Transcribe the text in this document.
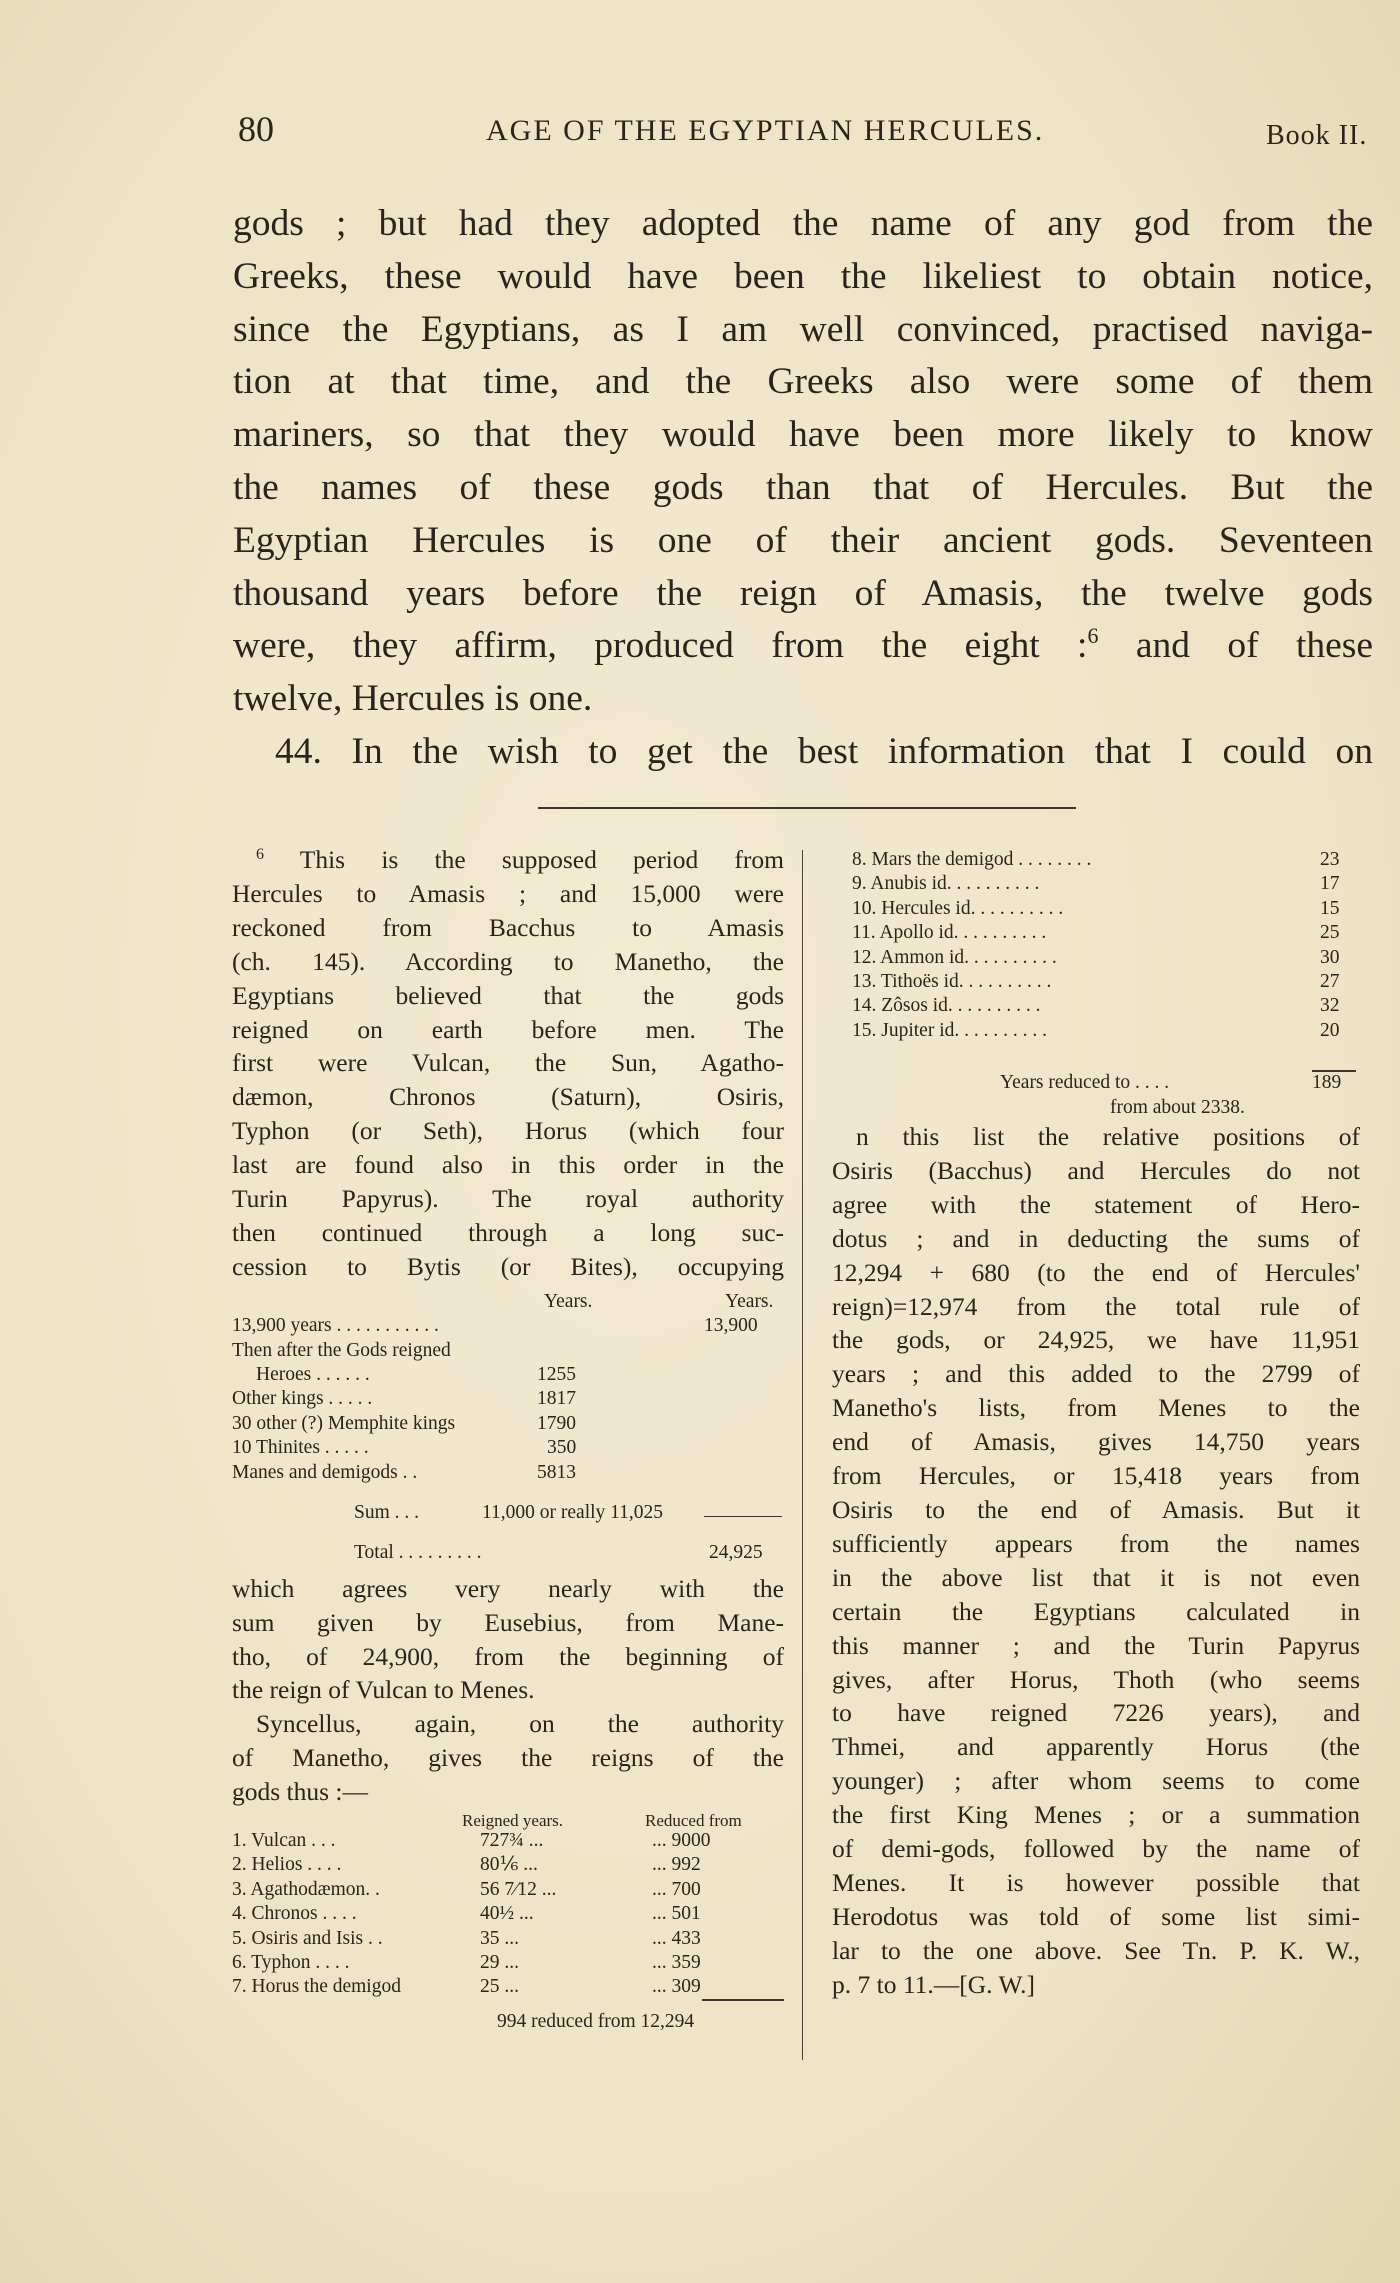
80	AGE OF THE EGYPTIAN HERCULES.	Book II.
gods ; but had they adopted the name of any god from the
Greeks, these would have been the likeliest to obtain notice,
since the Egyptians, as I am well convinced, practised naviga-
tion at that time, and the Greeks also were some of them
mariners, so that they would have been more likely to know
the names of these gods than that of Hercules. But the
Egyptian Hercules is one of their ancient gods. Seventeen
thousand years before the reign of Amasis, the twelve gods
were, they affirm, produced from the eight :$^6$ and of these
twelve, Hercules is one.
44. In the wish to get the best information that I could on
$^6$ This is the supposed period from
Hercules to Amasis ; and 15,000 were
reckoned from Bacchus to Amasis
(ch. 145). According to Manetho, the
Egyptians believed that the gods
reigned on earth before men. The
first were Vulcan, the Sun, Agatho-
dæmon, Chronos (Saturn), Osiris,
Typhon (or Seth), Horus (which four
last are found also in this order in the
Turin Papyrus). The royal authority
then continued through a long suc-
cession to Bytis (or Bites), occupying
Years.	Years.
13,900 years . . . . . . . . . . .	13,900
Then after the Gods reigned
Heroes . . . . . .	1255
Other kings . . . . .	1817
30 other (?) Memphite kings	1790
10 Thinites . . . . .	350
Manes and demigods . .	5813
Sum . . .	11,000 or really 11,025
Total . . . . . . . . .	24,925
which agrees very nearly with the
sum given by Eusebius, from Mane-
tho, of 24,900, from the beginning of
the reign of Vulcan to Menes.
Syncellus, again, on the authority
of Manetho, gives the reigns of the
gods thus :—
Reigned years.	Reduced from
1. Vulcan . . .	727¾ ...	... 9000
2. Helios . . . .	80⅙ ...	... 992
3. Agathodæmon. .	56 7⁄12 ...	... 700
4. Chronos . . . .	40½ ...	... 501
5. Osiris and Isis . .	35 ...	... 433
6. Typhon . . . .	29 ...	... 359
7. Horus the demigod	25 ...	... 309
994 reduced from 12,294
8. Mars the demigod . . . . . . . .	23
9. Anubis id. . . . . . . . . .	17
10. Hercules id. . . . . . . . . .	15
11. Apollo id. . . . . . . . . .	25
12. Ammon id. . . . . . . . . .	30
13. Tithoës id. . . . . . . . . .	27
14. Zôsos id. . . . . . . . . .	32
15. Jupiter id. . . . . . . . . .	20
Years reduced to . . . .	189
from about 2338.
n this list the relative positions of
Osiris (Bacchus) and Hercules do not
agree with the statement of Hero-
dotus ; and in deducting the sums of
12,294 + 680 (to the end of Hercules'
reign)=12,974 from the total rule of
the gods, or 24,925, we have 11,951
years ; and this added to the 2799 of
Manetho's lists, from Menes to the
end of Amasis, gives 14,750 years
from Hercules, or 15,418 years from
Osiris to the end of Amasis. But it
sufficiently appears from the names
in the above list that it is not even
certain the Egyptians calculated in
this manner ; and the Turin Papyrus
gives, after Horus, Thoth (who seems
to have reigned 7226 years), and
Thmei, and apparently Horus (the
younger) ; after whom seems to come
the first King Menes ; or a summation
of demi-gods, followed by the name of
Menes. It is however possible that
Herodotus was told of some list simi-
lar to the one above. See Tn. P. K. W.,
p. 7 to 11.—[G. W.]
